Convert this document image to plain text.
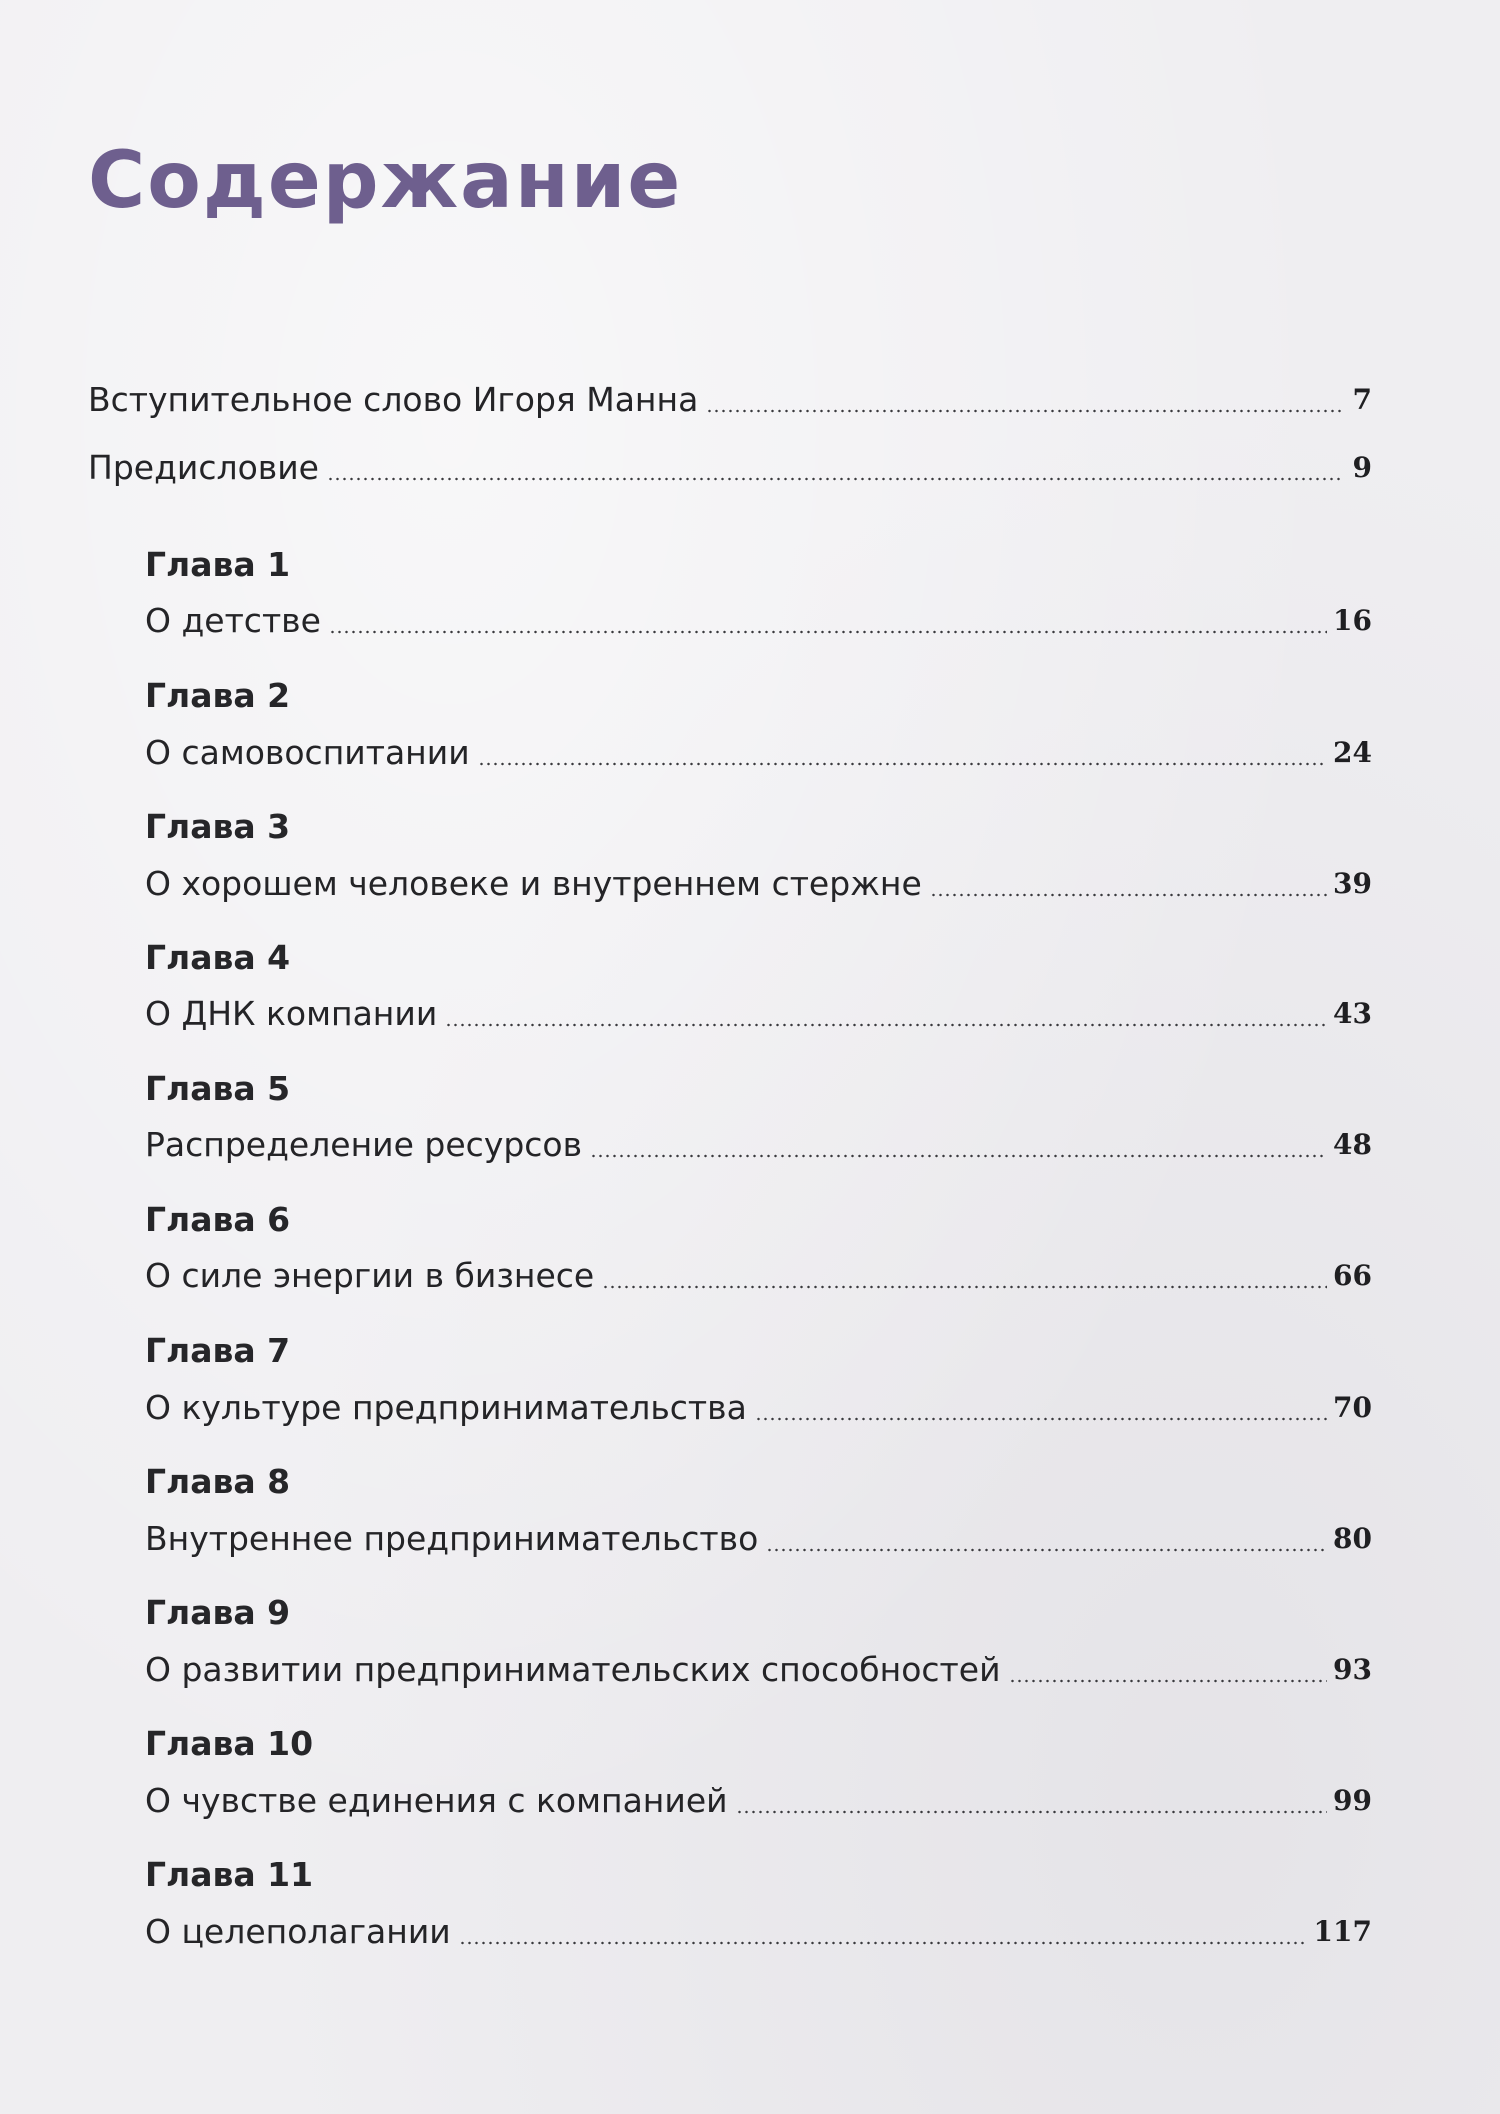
Содержание
Вступительное слово Игоря Манна	7
Предисловие	9
Глава 1
О детстве	16
Глава 2
О самовоспитании	24
Глава 3
О хорошем человеке и внутреннем стержне	39
Глава 4
О ДНК компании	43
Глава 5
Распределение ресурсов	48
Глава 6
О силе энергии в бизнесе	66
Глава 7
О культуре предпринимательства	70
Глава 8
Внутреннее предпринимательство	80
Глава 9
О развитии предпринимательских способностей	93
Глава 10
О чувстве единения с компанией	99
Глава 11
О целеполагании	117
